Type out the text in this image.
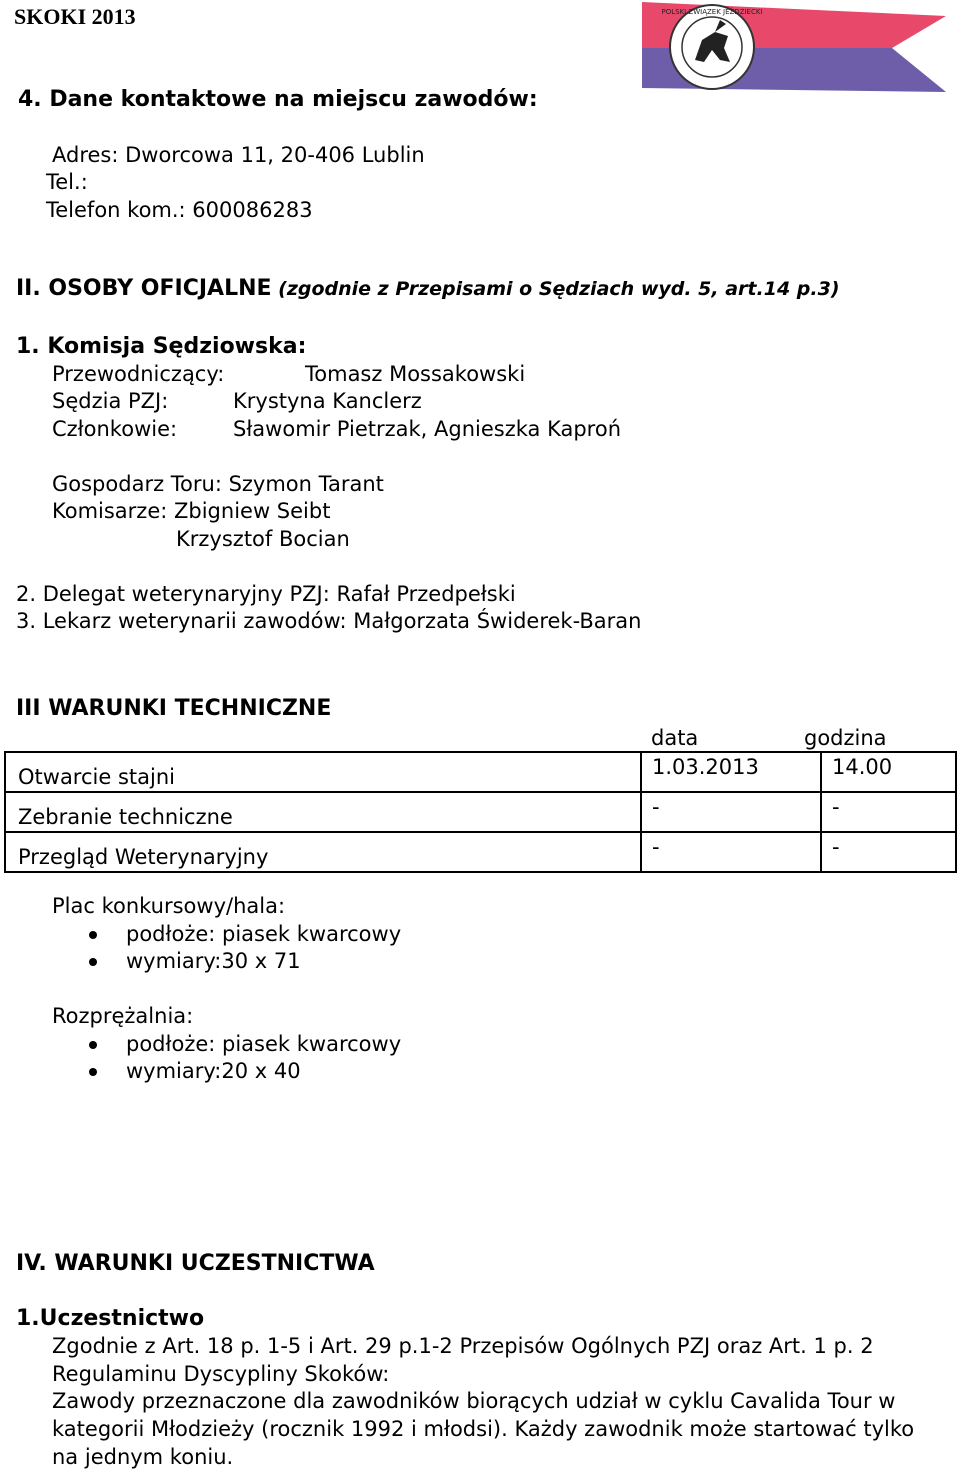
SKOKI 2013	POLSKI ZWIĄZEK JEŹDZIECKI
4. Dane kontaktowe na miejscu zawodów:
Adres: Dworcowa 11, 20-406 Lublin
Tel.:
Telefon kom.: 600086283
II. OSOBY OFICJALNE (zgodnie z Przepisami o Sędziach wyd. 5, art.14 p.3)
1. Komisja Sędziowska:
Przewodniczący:	Tomasz Mossakowski
Sędzia PZJ:	Krystyna Kanclerz
Członkowie:	Sławomir Pietrzak, Agnieszka Kaproń
Gospodarz Toru: Szymon Tarant
Komisarze: Zbigniew Seibt
Krzysztof Bocian
2. Delegat weterynaryjny PZJ: Rafał Przedpełski
3. Lekarz weterynarii zawodów: Małgorzata Świderek-Baran
III WARUNKI TECHNICZNE
data	godzina
Otwarcie stajni	1.03.2013	14.00
Zebranie techniczne	-	-
Przegląd Weterynaryjny	-	-
Plac konkursowy/hala:
podłoże: piasek kwarcowy
wymiary:30 x 71
Rozprężalnia:
podłoże: piasek kwarcowy
wymiary:20 x 40
IV. WARUNKI UCZESTNICTWA
1.Uczestnictwo
Zgodnie z Art. 18 p. 1-5 i Art. 29 p.1-2 Przepisów Ogólnych PZJ oraz Art. 1 p. 2 Regulaminu Dyscypliny Skoków:
Zawody przeznaczone dla zawodników biorących udział w cyklu Cavalida Tour w kategorii Młodzieży (rocznik 1992 i młodsi). Każdy zawodnik może startować tylko na jednym koniu.
